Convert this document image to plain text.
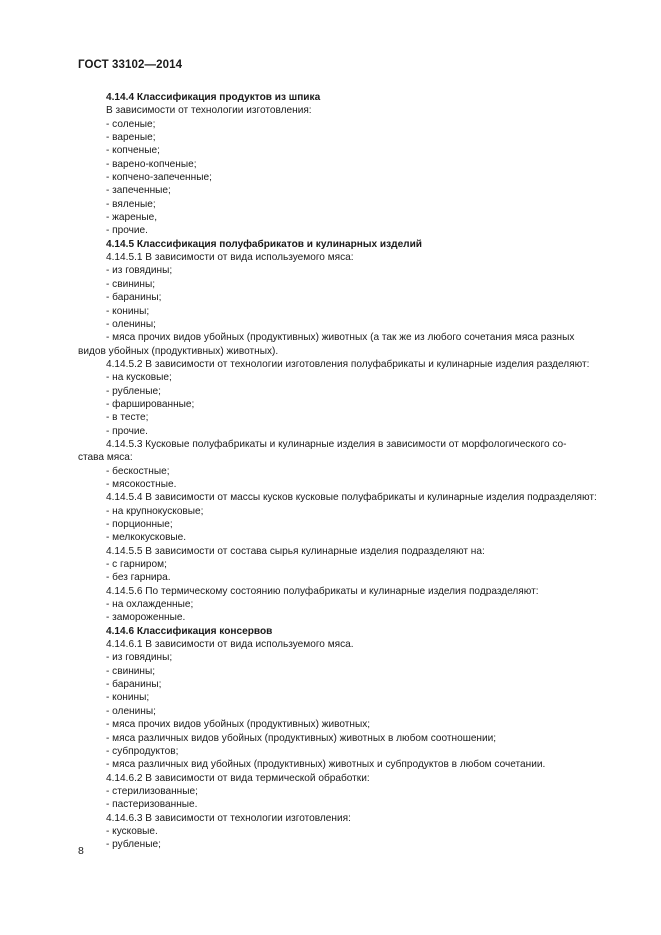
ГОСТ 33102—2014
4.14.4 Классификация продуктов из шпика
В зависимости от технологии изготовления:
- соленые;
- вареные;
- копченые;
- варено-копченые;
- копчено-запеченные;
- запеченные;
- вяленые;
- жареные,
- прочие.
4.14.5 Классификация полуфабрикатов и кулинарных изделий
4.14.5.1 В зависимости от вида используемого мяса:
- из говядины;
- свинины;
- баранины;
- конины;
- оленины;
- мяса прочих видов убойных (продуктивных) животных (а так же из любого сочетания мяса разных
видов убойных (продуктивных) животных).
4.14.5.2 В зависимости от технологии изготовления полуфабрикаты и кулинарные изделия разделяют:
- на кусковые;
- рубленые;
- фаршированные;
- в тесте;
- прочие.
4.14.5.3 Кусковые полуфабрикаты и кулинарные изделия в зависимости от морфологического со-
става мяса:
- бескостные;
- мясокостные.
4.14.5.4 В зависимости от массы кусков кусковые полуфабрикаты и кулинарные изделия подразделяют:
- на крупнокусковые;
- порционные;
- мелкокусковые.
4.14.5.5 В зависимости от состава сырья кулинарные изделия подразделяют на:
- с гарниром;
- без гарнира.
4.14.5.6 По термическому состоянию полуфабрикаты и кулинарные изделия подразделяют:
- на охлажденные;
- замороженные.
4.14.6 Классификация консервов
4.14.6.1 В зависимости от вида используемого мяса.
- из говядины;
- свинины;
- баранины;
- конины;
- оленины;
- мяса прочих видов убойных (продуктивных) животных;
- мяса различных видов убойных (продуктивных) животных в любом соотношении;
- субпродуктов;
- мяса различных вид убойных (продуктивных) животных и субпродуктов в любом сочетании.
4.14.6.2 В зависимости от вида термической обработки:
- стерилизованные;
- пастеризованные.
4.14.6.3 В зависимости от технологии изготовления:
- кусковые.
- рубленые;
8
